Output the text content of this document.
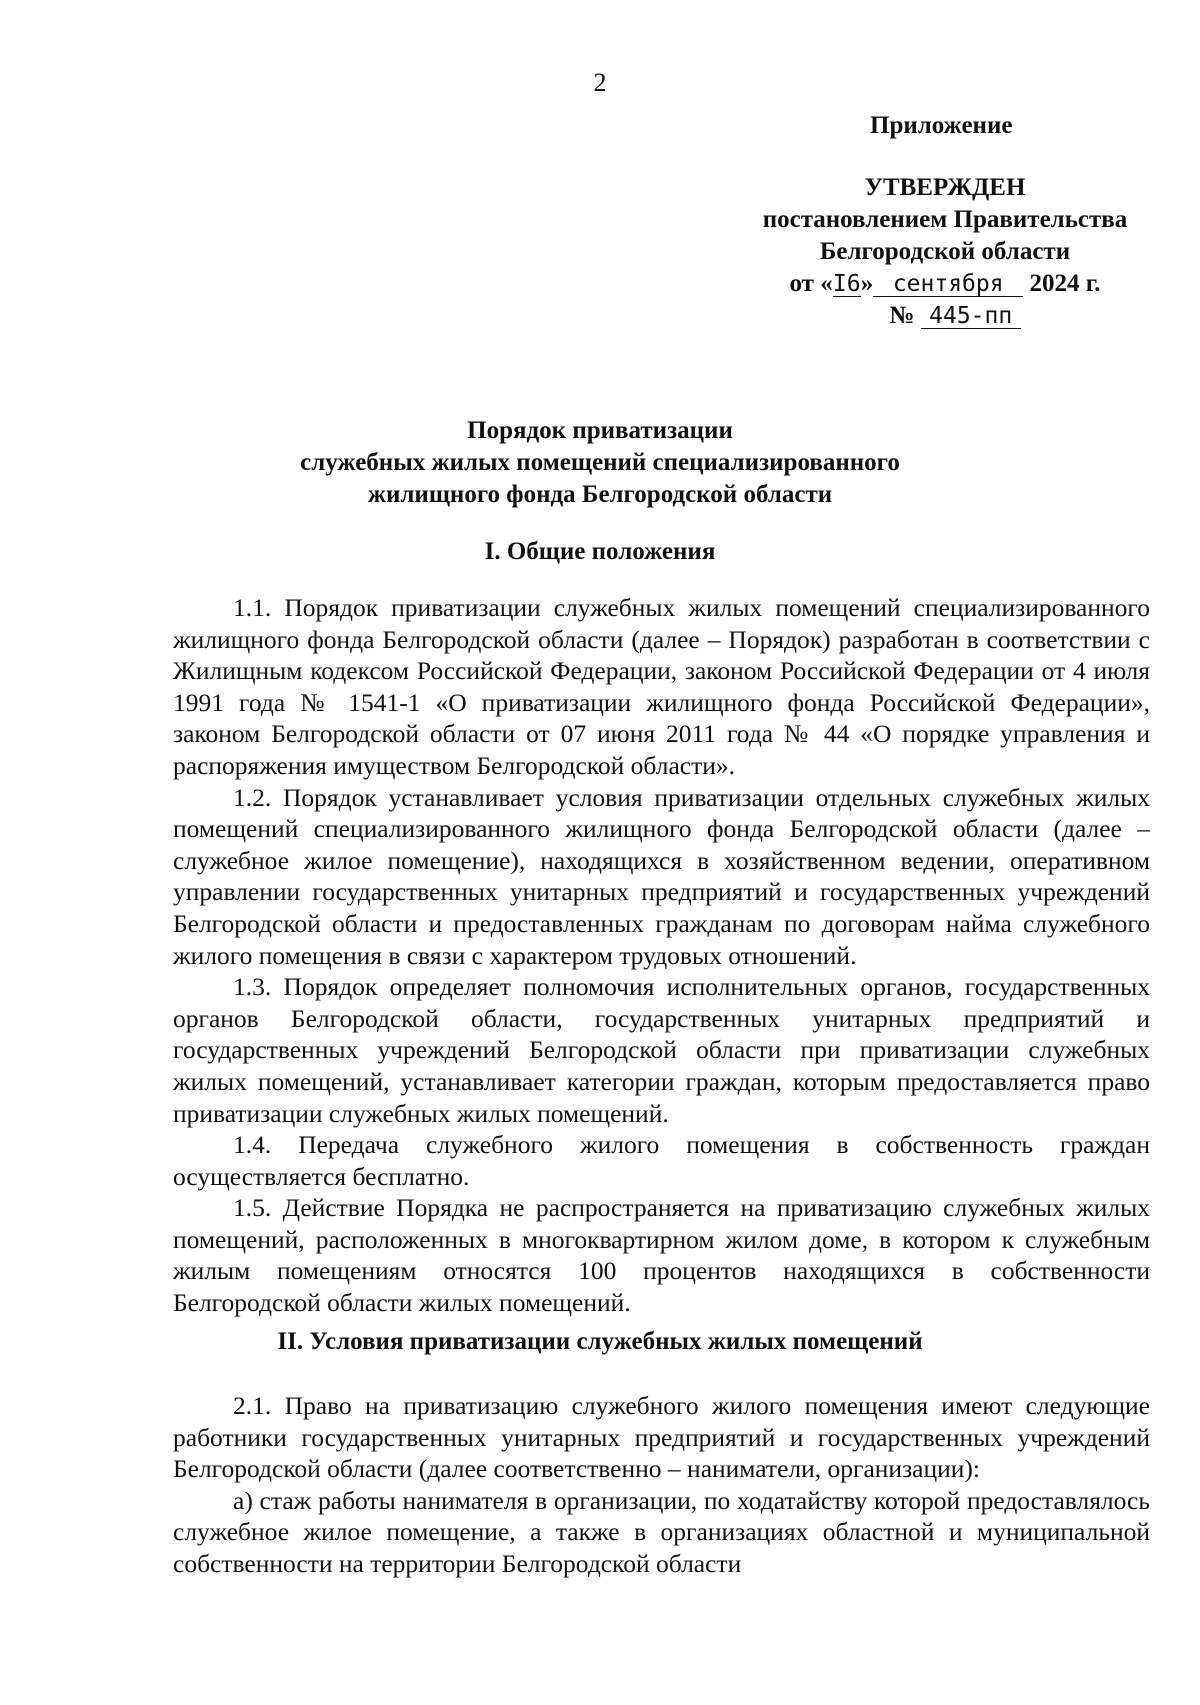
2
Приложение
УТВЕРЖДЕН
постановлением Правительства
Белгородской области
от «I6» сентября 2024 г.
№ 445-пп
Порядок приватизации
служебных жилых помещений специализированного
жилищного фонда Белгородской области
I. Общие положения

1.1. Порядок приватизации служебных жилых помещений специализированного жилищного фонда Белгородской области (далее – Порядок) разработан в соответствии с Жилищным кодексом Российской Федерации, законом Российской Федерации от 4 июля 1991 года № 1541-1 «О приватизации жилищного фонда Российской Федерации», законом Белгородской области от 07 июня 2011 года № 44 «О порядке управления и распоряжения имуществом Белгородской области».

1.2. Порядок устанавливает условия приватизации отдельных служебных жилых помещений специализированного жилищного фонда Белгородской области (далее – служебное жилое помещение), находящихся в хозяйственном ведении, оперативном управлении государственных унитарных предприятий и государственных учреждений Белгородской области и предоставленных гражданам по договорам найма служебного жилого помещения в связи с характером трудовых отношений.

1.3. Порядок определяет полномочия исполнительных органов, государственных органов Белгородской области, государственных унитарных предприятий и государственных учреждений Белгородской области при приватизации служебных жилых помещений, устанавливает категории граждан, которым предоставляется право приватизации служебных жилых помещений.

1.4. Передача служебного жилого помещения в собственность граждан осуществляется бесплатно.

1.5. Действие Порядка не распространяется на приватизацию служебных жилых помещений, расположенных в многоквартирном жилом доме, в котором к служебным жилым помещениям относятся 100 процентов находящихся в собственности Белгородской области жилых помещений.

II. Условия приватизации служебных жилых помещений

2.1. Право на приватизацию служебного жилого помещения имеют следующие работники государственных унитарных предприятий и государственных учреждений Белгородской области (далее соответственно – наниматели, организации):

а) стаж работы нанимателя в организации, по ходатайству которой предоставлялось служебное жилое помещение, а также в организациях областной и муниципальной собственности на территории Белгородской области
